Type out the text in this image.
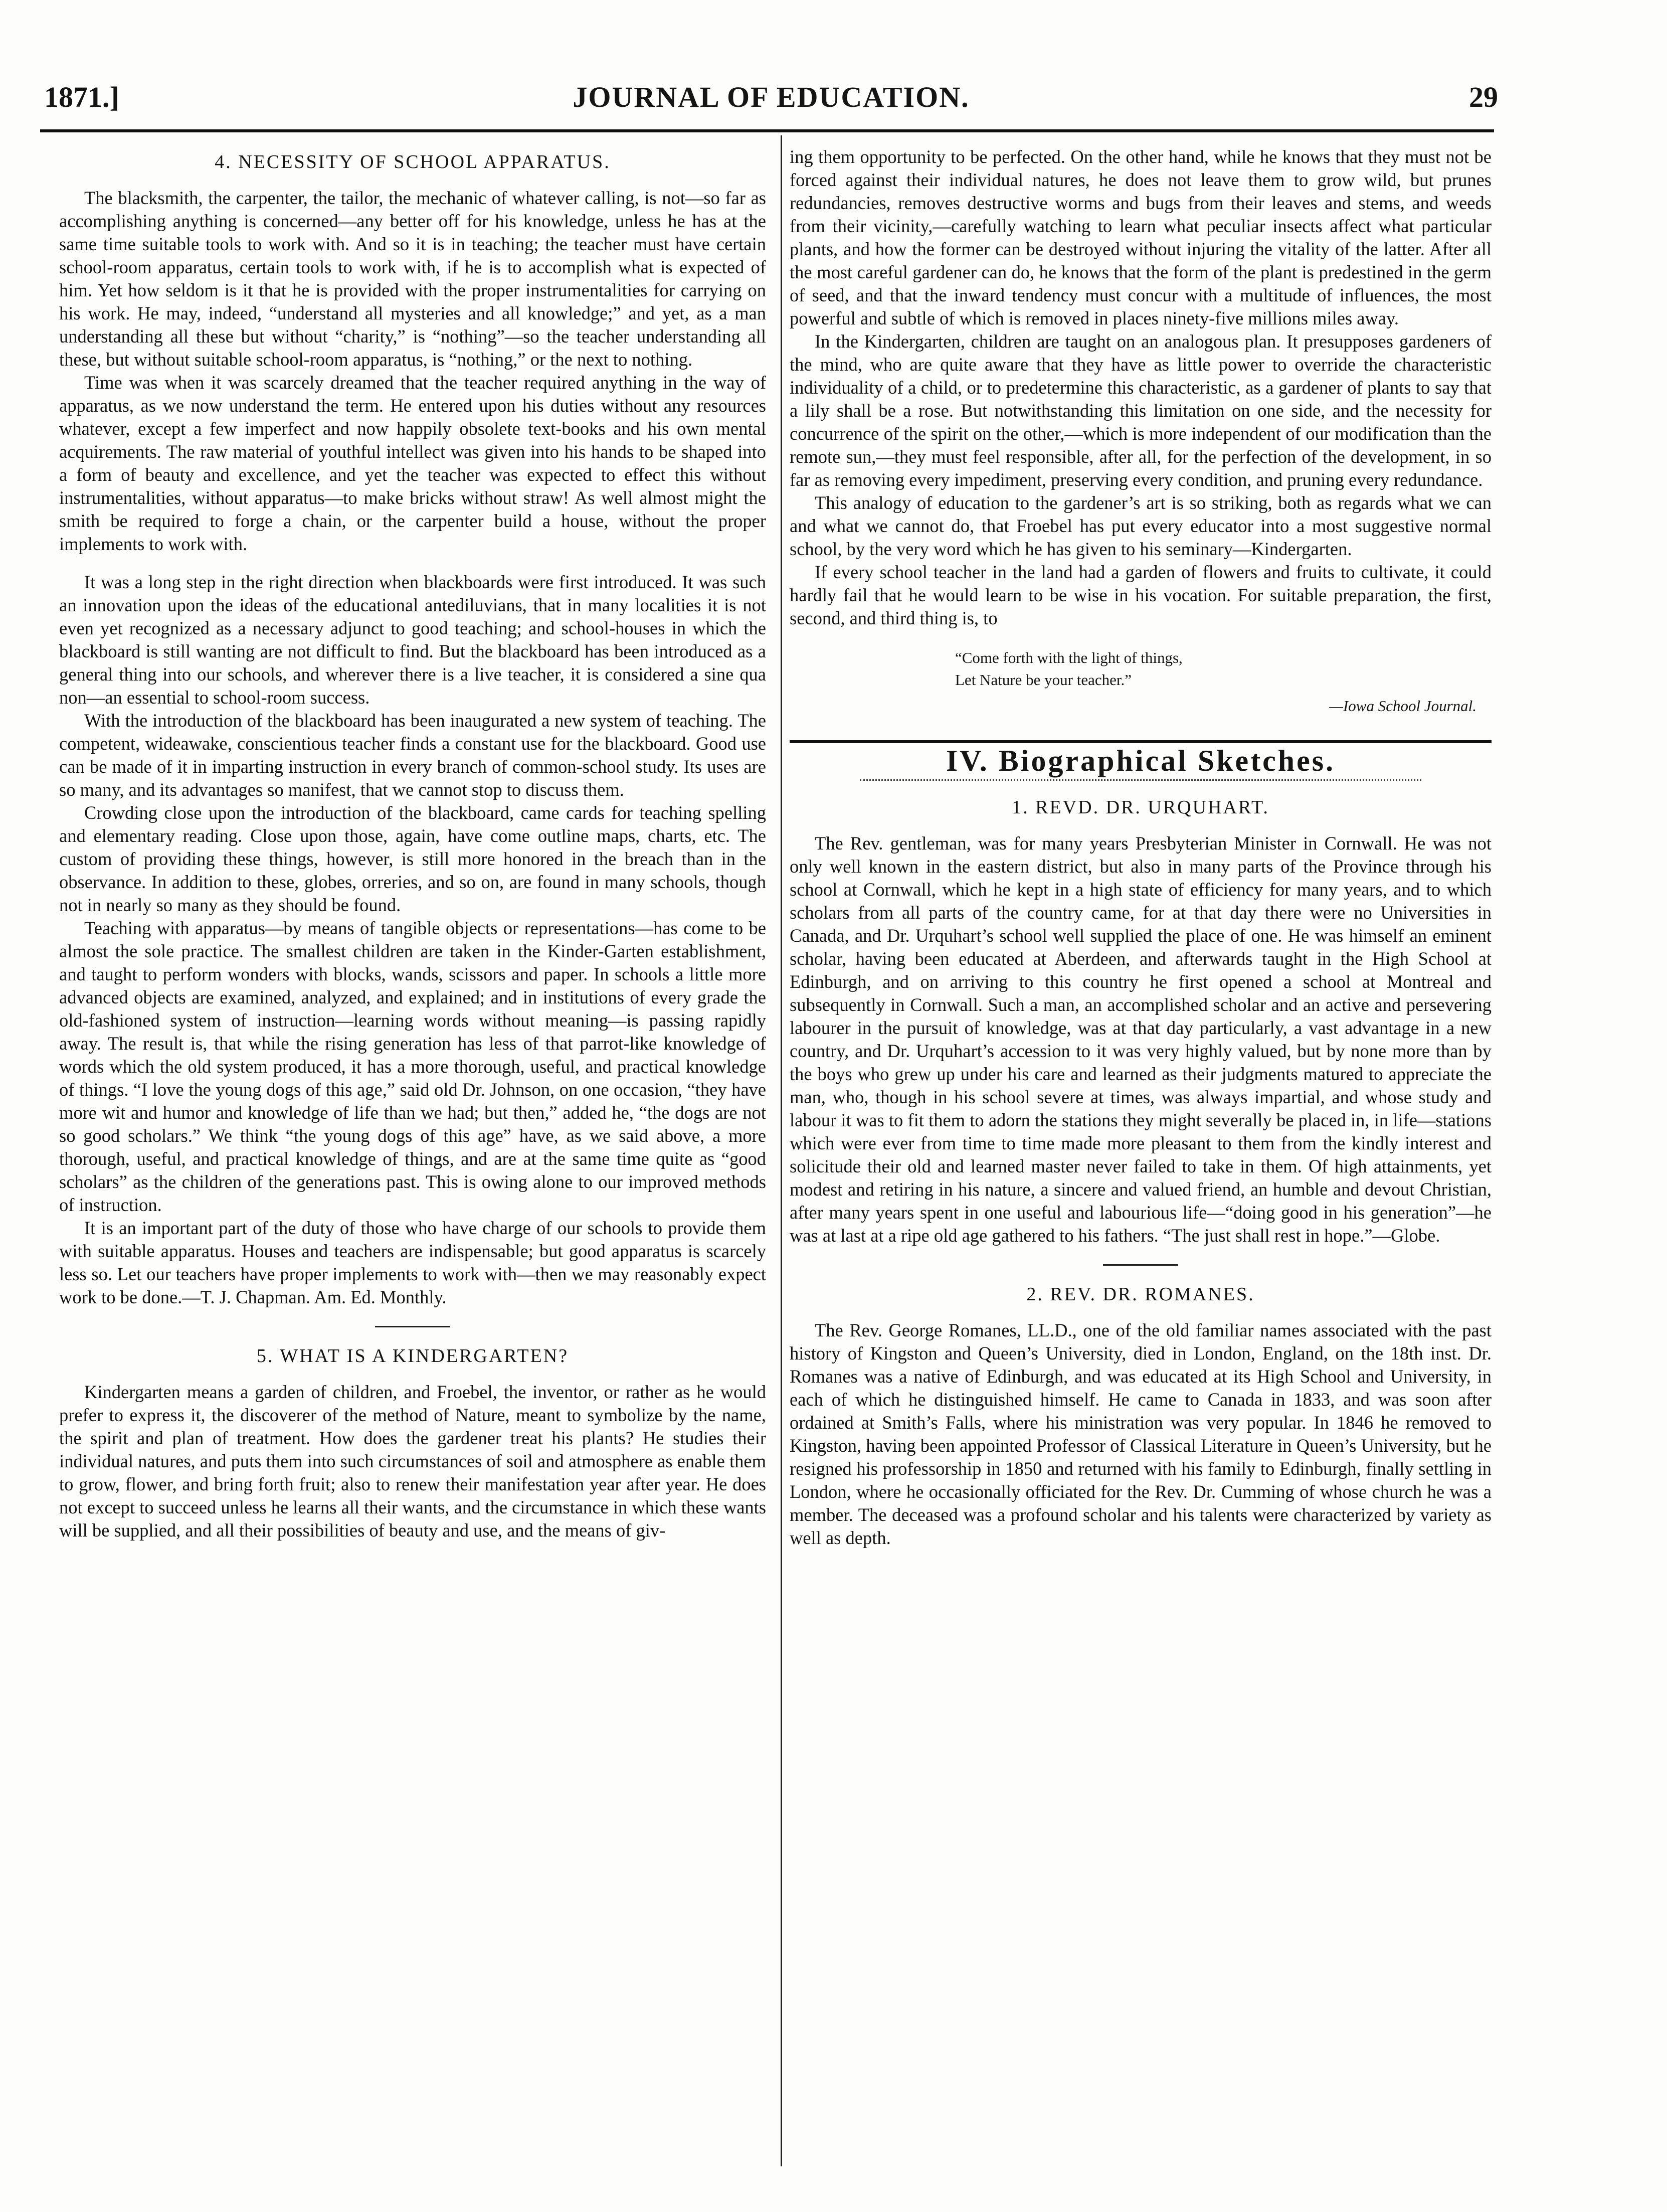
1871.]	JOURNAL OF EDUCATION.	29
4. NECESSITY OF SCHOOL APPARATUS.

The blacksmith, the carpenter, the tailor, the mechanic of whatever calling, is not—so far as accomplishing anything is concerned—any better off for his knowledge, unless he has at the same time suitable tools to work with. And so it is in teaching; the teacher must have certain school-room apparatus, certain tools to work with, if he is to accomplish what is expected of him. Yet how seldom is it that he is provided with the proper instrumentalities for carrying on his work. He may, indeed, “understand all mysteries and all knowledge;” and yet, as a man understanding all these but without “charity,” is “nothing”—so the teacher understanding all these, but without suitable school-room apparatus, is “nothing,” or the next to nothing.

Time was when it was scarcely dreamed that the teacher required anything in the way of apparatus, as we now understand the term. He entered upon his duties without any resources whatever, except a few imperfect and now happily obsolete text-books and his own mental acquirements. The raw material of youthful intellect was given into his hands to be shaped into a form of beauty and excellence, and yet the teacher was expected to effect this without instrumentalities, without apparatus—to make bricks without straw! As well almost might the smith be required to forge a chain, or the carpenter build a house, without the proper implements to work with.

It was a long step in the right direction when blackboards were first introduced. It was such an innovation upon the ideas of the educational antediluvians, that in many localities it is not even yet recognized as a necessary adjunct to good teaching; and school-houses in which the blackboard is still wanting are not difficult to find. But the blackboard has been introduced as a general thing into our schools, and wherever there is a live teacher, it is considered a sine qua non—an essential to school-room success.

With the introduction of the blackboard has been inaugurated a new system of teaching. The competent, wideawake, conscientious teacher finds a constant use for the blackboard. Good use can be made of it in imparting instruction in every branch of common-school study. Its uses are so many, and its advantages so manifest, that we cannot stop to discuss them.

Crowding close upon the introduction of the blackboard, came cards for teaching spelling and elementary reading. Close upon those, again, have come outline maps, charts, etc. The custom of providing these things, however, is still more honored in the breach than in the observance. In addition to these, globes, orreries, and so on, are found in many schools, though not in nearly so many as they should be found.

Teaching with apparatus—by means of tangible objects or representations—has come to be almost the sole practice. The smallest children are taken in the Kinder-Garten establishment, and taught to perform wonders with blocks, wands, scissors and paper. In schools a little more advanced objects are examined, analyzed, and explained; and in institutions of every grade the old-fashioned system of instruction—learning words without meaning—is passing rapidly away. The result is, that while the rising generation has less of that parrot-like knowledge of words which the old system produced, it has a more thorough, useful, and practical knowledge of things. “I love the young dogs of this age,” said old Dr. Johnson, on one occasion, “they have more wit and humor and knowledge of life than we had; but then,” added he, “the dogs are not so good scholars.” We think “the young dogs of this age” have, as we said above, a more thorough, useful, and practical knowledge of things, and are at the same time quite as “good scholars” as the children of the generations past. This is owing alone to our improved methods of instruction.

It is an important part of the duty of those who have charge of our schools to provide them with suitable apparatus. Houses and teachers are indispensable; but good apparatus is scarcely less so. Let our teachers have proper implements to work with—then we may reasonably expect work to be done.—T. J. Chapman. Am. Ed. Monthly.

5. WHAT IS A KINDERGARTEN?

Kindergarten means a garden of children, and Froebel, the inventor, or rather as he would prefer to express it, the discoverer of the method of Nature, meant to symbolize by the name, the spirit and plan of treatment. How does the gardener treat his plants? He studies their individual natures, and puts them into such circumstances of soil and atmosphere as enable them to grow, flower, and bring forth fruit; also to renew their manifestation year after year. He does not except to succeed unless he learns all their wants, and the circumstance in which these wants will be supplied, and all their possibilities of beauty and use, and the means of giv-

ing them opportunity to be perfected. On the other hand, while he knows that they must not be forced against their individual natures, he does not leave them to grow wild, but prunes redundancies, removes destructive worms and bugs from their leaves and stems, and weeds from their vicinity,—carefully watching to learn what peculiar insects affect what particular plants, and how the former can be destroyed without injuring the vitality of the latter. After all the most careful gardener can do, he knows that the form of the plant is predestined in the germ of seed, and that the inward tendency must concur with a multitude of influences, the most powerful and subtle of which is removed in places ninety-five millions miles away.

In the Kindergarten, children are taught on an analogous plan. It presupposes gardeners of the mind, who are quite aware that they have as little power to override the characteristic individuality of a child, or to predetermine this characteristic, as a gardener of plants to say that a lily shall be a rose. But notwithstanding this limitation on one side, and the necessity for concurrence of the spirit on the other,—which is more independent of our modification than the remote sun,—they must feel responsible, after all, for the perfection of the development, in so far as removing every impediment, preserving every condition, and pruning every redundance.

This analogy of education to the gardener’s art is so striking, both as regards what we can and what we cannot do, that Froebel has put every educator into a most suggestive normal school, by the very word which he has given to his seminary—Kindergarten.

If every school teacher in the land had a garden of flowers and fruits to cultivate, it could hardly fail that he would learn to be wise in his vocation. For suitable preparation, the first, second, and third thing is, to

“Come forth with the light of things,
Let Nature be your teacher.”
—Iowa School Journal.
IV. Biographical Sketches.
1. REVD. DR. URQUHART.

The Rev. gentleman, was for many years Presbyterian Minister in Cornwall. He was not only well known in the eastern district, but also in many parts of the Province through his school at Cornwall, which he kept in a high state of efficiency for many years, and to which scholars from all parts of the country came, for at that day there were no Universities in Canada, and Dr. Urquhart’s school well supplied the place of one. He was himself an eminent scholar, having been educated at Aberdeen, and afterwards taught in the High School at Edinburgh, and on arriving to this country he first opened a school at Montreal and subsequently in Cornwall. Such a man, an accomplished scholar and an active and persevering labourer in the pursuit of knowledge, was at that day particularly, a vast advantage in a new country, and Dr. Urquhart’s accession to it was very highly valued, but by none more than by the boys who grew up under his care and learned as their judgments matured to appreciate the man, who, though in his school severe at times, was always impartial, and whose study and labour it was to fit them to adorn the stations they might severally be placed in, in life—stations which were ever from time to time made more pleasant to them from the kindly interest and solicitude their old and learned master never failed to take in them. Of high attainments, yet modest and retiring in his nature, a sincere and valued friend, an humble and devout Christian, after many years spent in one useful and labourious life—“doing good in his generation”—he was at last at a ripe old age gathered to his fathers. “The just shall rest in hope.”—Globe.

2. REV. DR. ROMANES.

The Rev. George Romanes, LL.D., one of the old familiar names associated with the past history of Kingston and Queen’s University, died in London, England, on the 18th inst. Dr. Romanes was a native of Edinburgh, and was educated at its High School and University, in each of which he distinguished himself. He came to Canada in 1833, and was soon after ordained at Smith’s Falls, where his ministration was very popular. In 1846 he removed to Kingston, having been appointed Professor of Classical Literature in Queen’s University, but he resigned his professorship in 1850 and returned with his family to Edinburgh, finally settling in London, where he occasionally officiated for the Rev. Dr. Cumming of whose church he was a member. The deceased was a profound scholar and his talents were characterized by variety as well as depth.
